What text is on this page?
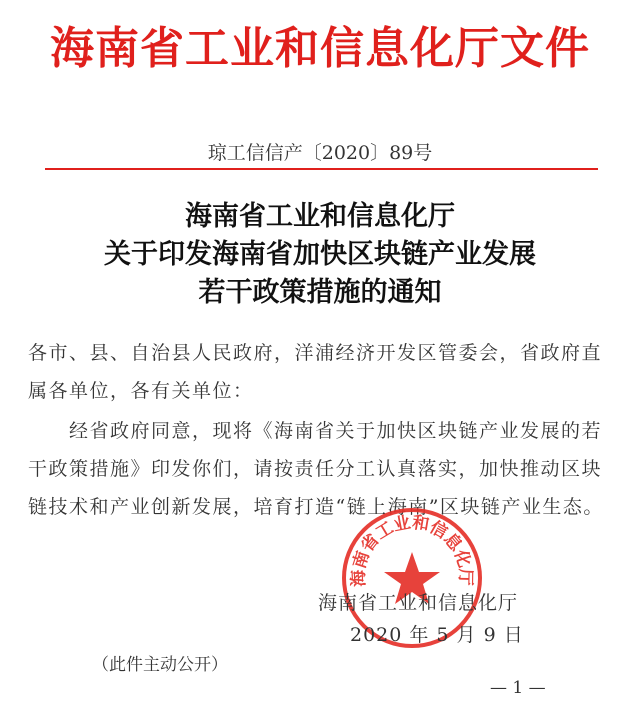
海南省工业和信息化厅文件
琼工信信产〔2020〕89号
海南省工业和信息化厅
关于印发海南省加快区块链产业发展
若干政策措施的通知
各市、县、自治县人民政府，洋浦经济开发区管委会，省政府直
属各单位，各有关单位：
　　经省政府同意，现将《海南省关于加快区块链产业发展的若
干政策措施》印发你们，请按责任分工认真落实，加快推动区块
链技术和产业创新发展，培育打造“链上海南”区块链产业生态。
海南省工业和信息化厅
海南省工业和信息化厅
2020 年 5 月 9 日
（此件主动公开）
— 1 —
